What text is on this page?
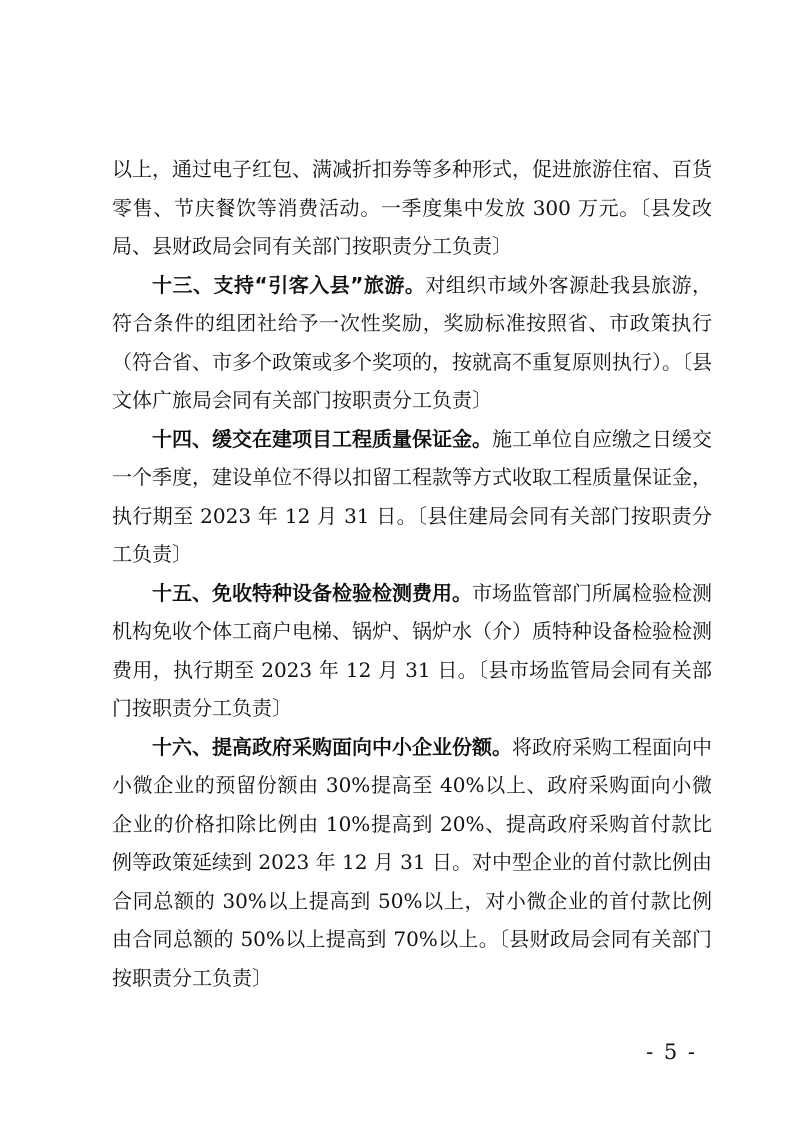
以上，通过电子红包、满减折扣券等多种形式，促进旅游住宿、百货零售、节庆餐饮等消费活动。一季度集中发放 300 万元。〔县发改局、县财政局会同有关部门按职责分工负责〕

十三、支持“引客入县”旅游。对组织市域外客源赴我县旅游，符合条件的组团社给予一次性奖励，奖励标准按照省、市政策执行（符合省、市多个政策或多个奖项的，按就高不重复原则执行）。〔县文体广旅局会同有关部门按职责分工负责〕

十四、缓交在建项目工程质量保证金。施工单位自应缴之日缓交一个季度，建设单位不得以扣留工程款等方式收取工程质量保证金，执行期至 2023 年 12 月 31 日。〔县住建局会同有关部门按职责分工负责〕

十五、免收特种设备检验检测费用。市场监管部门所属检验检测机构免收个体工商户电梯、锅炉、锅炉水（介）质特种设备检验检测费用，执行期至 2023 年 12 月 31 日。〔县市场监管局会同有关部门按职责分工负责〕

十六、提高政府采购面向中小企业份额。将政府采购工程面向中小微企业的预留份额由 30%提高至 40%以上、政府采购面向小微企业的价格扣除比例由 10%提高到 20%、提高政府采购首付款比例等政策延续到 2023 年 12 月 31 日。对中型企业的首付款比例由合同总额的 30%以上提高到 50%以上，对小微企业的首付款比例由合同总额的 50%以上提高到 70%以上。〔县财政局会同有关部门按职责分工负责〕

- 5 -
